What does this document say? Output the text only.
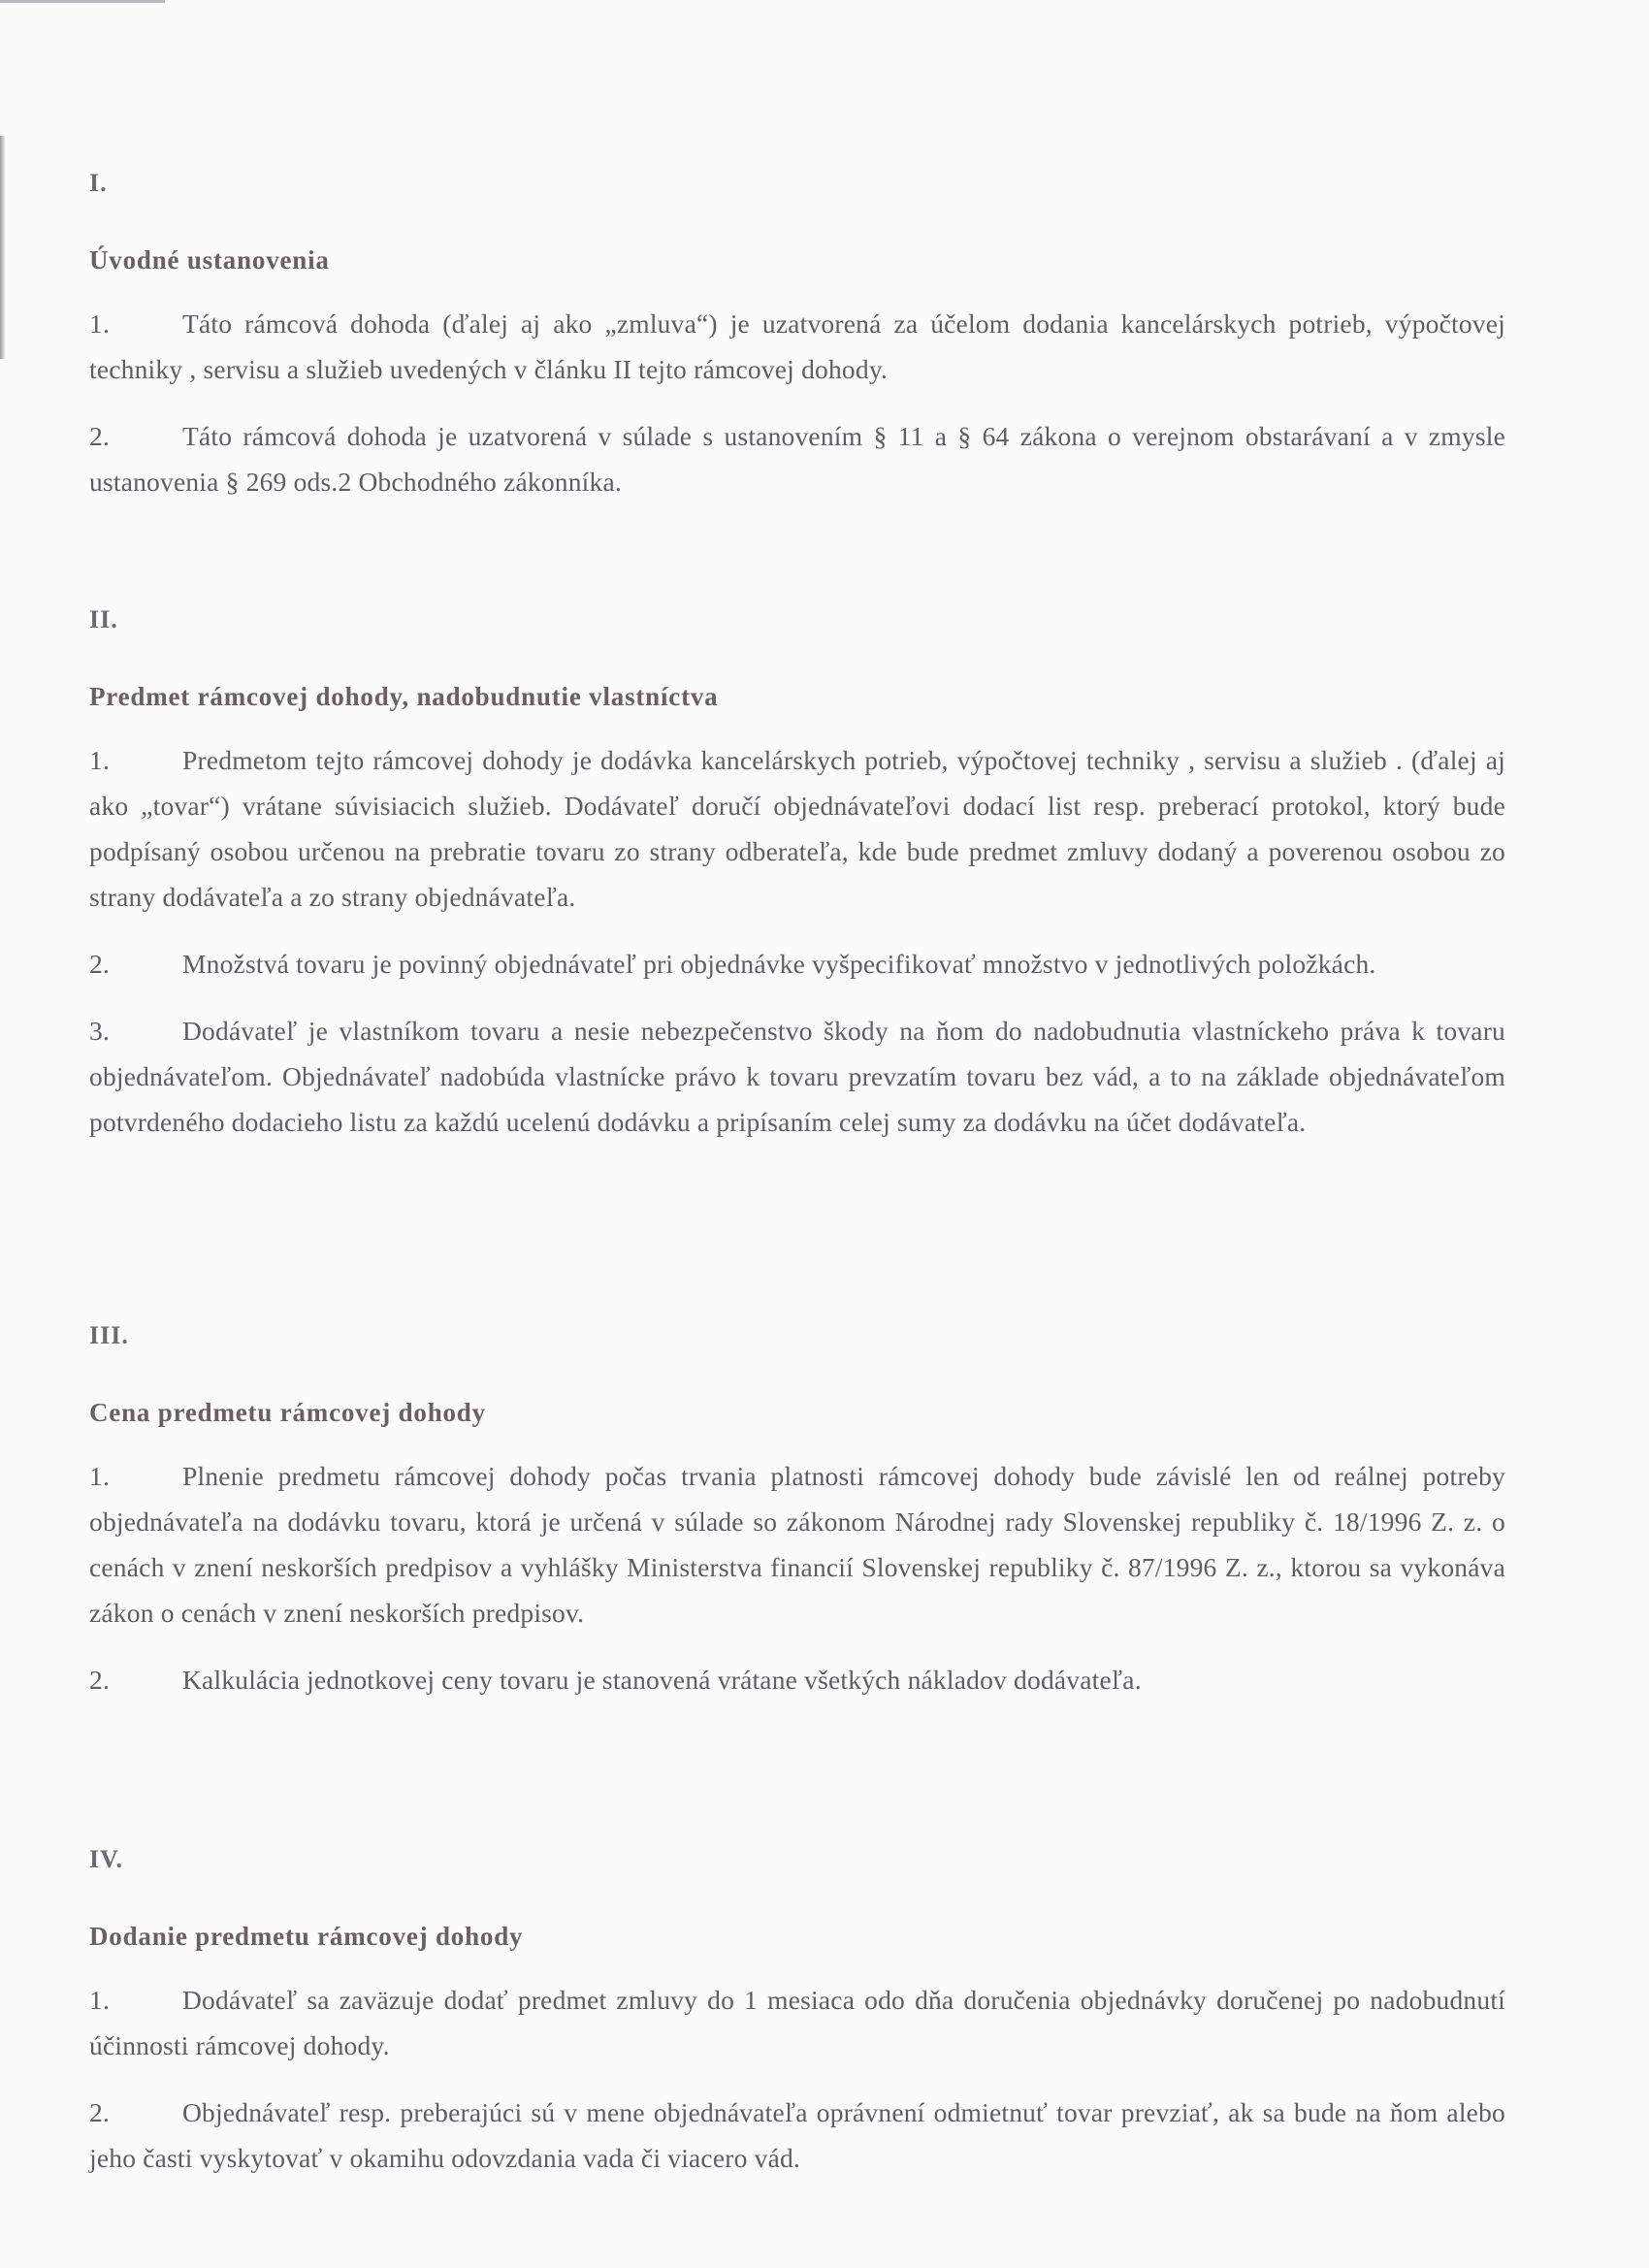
I.
Úvodné ustanovenia
1.	Táto rámcová dohoda (ďalej aj ako „zmluva“) je uzatvorená za účelom dodania kancelárskych potrieb, výpočtovej techniky , servisu a služieb uvedených v článku II tejto rámcovej dohody.
2.	Táto rámcová dohoda je uzatvorená v súlade s ustanovením § 11 a § 64 zákona o verejnom obstarávaní a v zmysle ustanovenia § 269 ods.2 Obchodného zákonníka.
II.
Predmet rámcovej dohody, nadobudnutie vlastníctva
1.	Predmetom tejto rámcovej dohody je dodávka kancelárskych potrieb, výpočtovej techniky , servisu a služieb . (ďalej aj ako „tovar“) vrátane súvisiacich služieb. Dodávateľ doručí objednávateľovi dodací list resp. preberací protokol, ktorý bude podpísaný osobou určenou na prebratie tovaru zo strany odberateľa, kde bude predmet zmluvy dodaný a poverenou osobou zo strany dodávateľa a zo strany objednávateľa.
2.	Množstvá tovaru je povinný objednávateľ pri objednávke vyšpecifikovať množstvo v jednotlivých položkách.
3.	Dodávateľ je vlastníkom tovaru a nesie nebezpečenstvo škody na ňom do nadobudnutia vlastníckeho práva k tovaru objednávateľom. Objednávateľ nadobúda vlastnícke právo k tovaru prevzatím tovaru bez vád, a to na základe objednávateľom potvrdeného dodacieho listu za každú ucelenú dodávku a pripísaním celej sumy za dodávku na účet dodávateľa.
III.
Cena predmetu rámcovej dohody
1.	Plnenie predmetu rámcovej dohody počas trvania platnosti rámcovej dohody bude závislé len od reálnej potreby objednávateľa na dodávku tovaru, ktorá je určená v súlade so zákonom Národnej rady Slovenskej republiky č. 18/1996 Z. z. o cenách v znení neskorších predpisov a vyhlášky Ministerstva financií Slovenskej republiky č. 87/1996 Z. z., ktorou sa vykonáva zákon o cenách v znení neskorších predpisov.
2.	Kalkulácia jednotkovej ceny tovaru je stanovená vrátane všetkých nákladov dodávateľa.
IV.
Dodanie predmetu rámcovej dohody
1.	Dodávateľ sa zaväzuje dodať predmet zmluvy do 1 mesiaca odo dňa doručenia objednávky doručenej po nadobudnutí účinnosti rámcovej dohody.
2.	Objednávateľ resp. preberajúci sú v mene objednávateľa oprávnení odmietnuť tovar prevziať, ak sa bude na ňom alebo jeho časti vyskytovať v okamihu odovzdania vada či viacero vád.
